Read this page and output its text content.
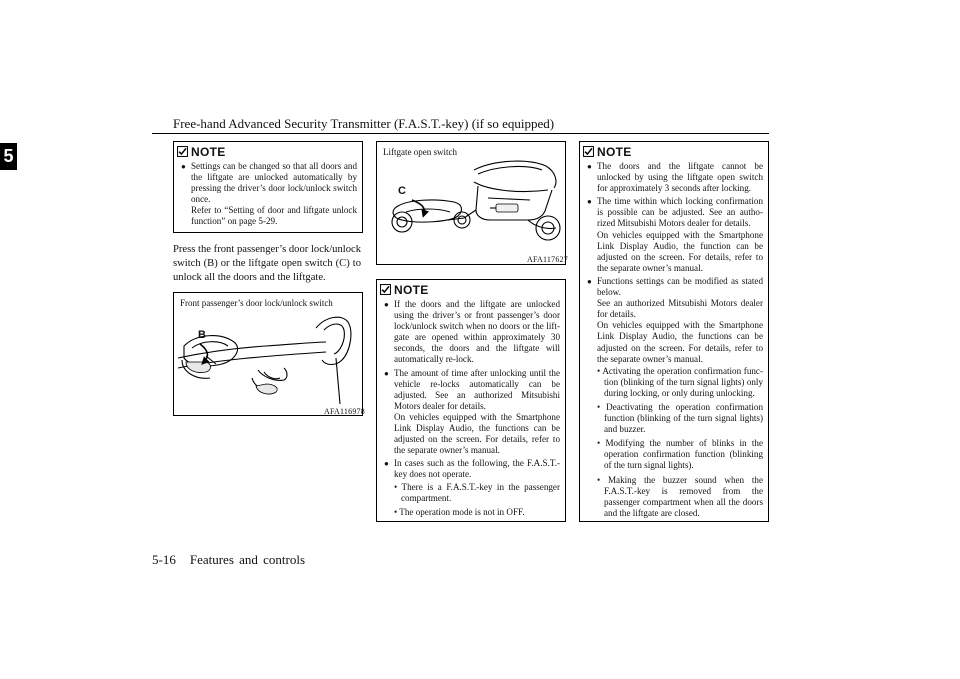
Free-hand Advanced Security Transmitter (F.A.S.T.-key) (if so equipped)
5	NOTE
● Settings can be changed so that all doors and the liftgate are unlocked automatically by pressing the driver’s door lock/unlock switch once.
Refer to “Setting of door and liftgate unlock function” on page 5-29.
Press the front passenger’s door lock/unlock switch (B) or the liftgate open switch (C) to unlock all the doors and the liftgate.
Front passenger’s door lock/unlock switch
B
AFA116978
Liftgate open switch
C
AFA117627
NOTE
● If the doors and the liftgate are unlocked using the driver’s or front passenger’s door lock/unlock switch when no doors or the lift-gate are opened within approximately 30 seconds, the doors and the liftgate will automatically re-lock.
● The amount of time after unlocking until the vehicle re-locks automatically can be adjusted. See an authorized Mitsubishi Motors dealer for details.
On vehicles equipped with the Smartphone Link Display Audio, the functions can be adjusted on the screen. For details, refer to the separate owner’s manual.
● In cases such as the following, the F.A.S.T.-key does not operate.
• There is a F.A.S.T.-key in the passenger compartment.
• The operation mode is not in OFF.
NOTE
● The doors and the liftgate cannot be unlocked by using the liftgate open switch for approximately 3 seconds after locking.
● The time within which locking confirmation is possible can be adjusted. See an autho-rized Mitsubishi Motors dealer for details.
On vehicles equipped with the Smartphone Link Display Audio, the function can be adjusted on the screen. For details, refer to the separate owner’s manual.
● Functions settings can be modified as stated below.
See an authorized Mitsubishi Motors dealer for details.
On vehicles equipped with the Smartphone Link Display Audio, the functions can be adjusted on the screen. For details, refer to the separate owner’s manual.
• Activating the operation confirmation func-tion (blinking of the turn signal lights) only during locking, or only during unlocking.
• Deactivating the operation confirmation function (blinking of the turn signal lights) and buzzer.
• Modifying the number of blinks in the operation confirmation function (blinking of the turn signal lights).
• Making the buzzer sound when the F.A.S.T.-key is removed from the passenger compartment when all the doors and the liftgate are closed.
5-16 Features and controls
